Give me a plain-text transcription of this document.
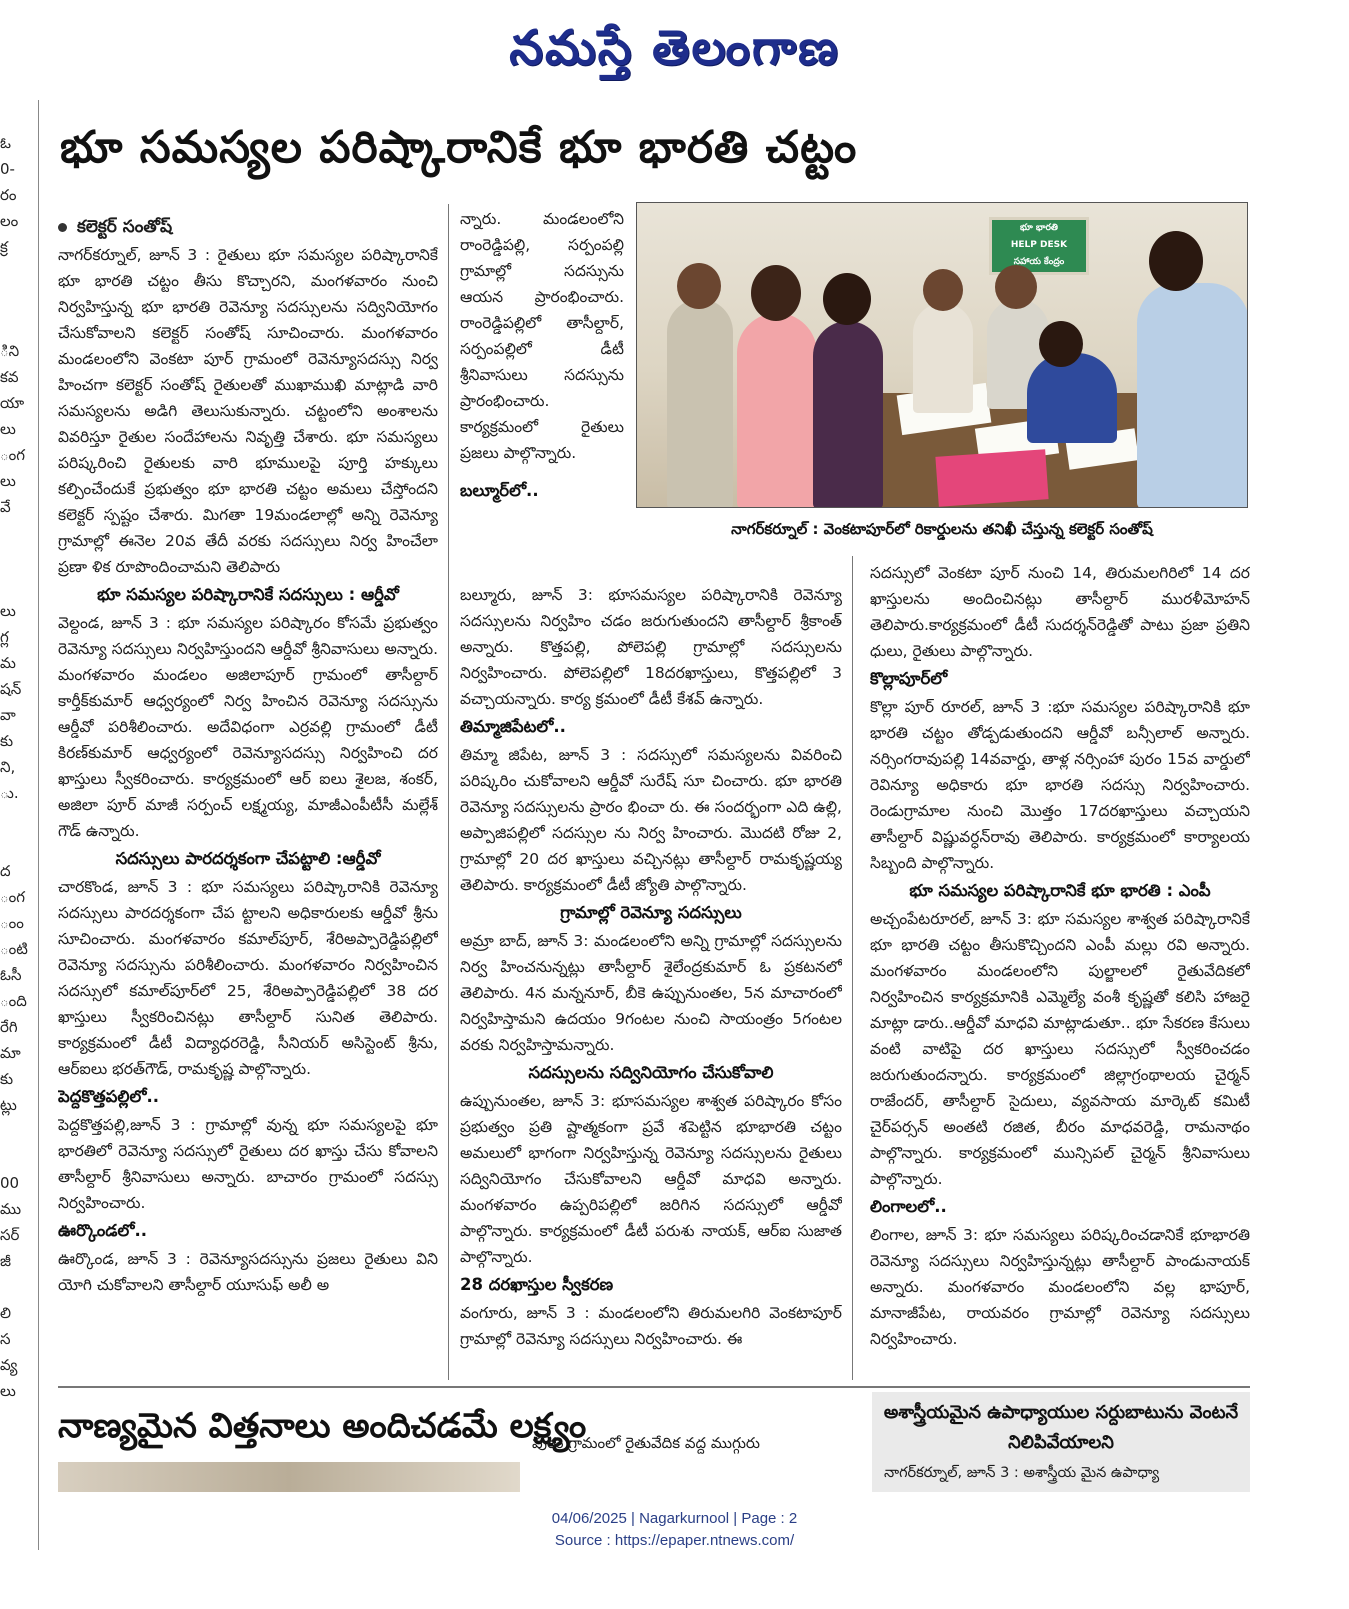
నమస్తే తెలంగాణ
ఓ
0-
రం
లం
క్ర
ిని
కవ
యా
లు
ంగ
లు
వే
లు
గ్ల
మ
షన్
వా
కు
ని,
ు.
ద
ంగ
ంం
ంటి
ఓసీ
ంది
రేగి
మా
కు
ట్లు
00
ము
సర్
జీ
లి
స
వ్య
లు
భూ సమస్యల పరిష్కారానికే భూ భారతి చట్టం
కలెక్టర్ సంతోష్

నాగర్‌కర్నూల్, జూన్ 3 : రైతులు భూ సమస్యల పరిష్కారానికే భూ భారతి చట్టం తీసు కొచ్చారని, మంగళవారం నుంచి నిర్వహిస్తున్న భూ భారతి రెవెన్యూ సదస్సులను సద్వినియోగం చేసుకోవాలని కలెక్టర్ సంతోష్ సూచించారు. మంగళవారం మండలంలోని వెంకటా పూర్ గ్రామంలో రెవెన్యూసదస్సు నిర్వ హించగా కలెక్టర్ సంతోష్ రైతులతో ముఖాముఖి మాట్లాడి వారి సమస్యలను అడిగి తెలుసుకున్నారు. చట్టంలోని అంశాలను వివరిస్తూ రైతుల సందేహాలను నివృత్తి చేశారు. భూ సమస్యలు పరిష్కరించి రైతులకు వారి భూములపై పూర్తి హక్కులు కల్పించేందుకే ప్రభుత్వం భూ భారతి చట్టం అమలు చేస్తోందని కలెక్టర్ స్పష్టం చేశారు. మిగతా 19మండలాల్లో అన్ని రెవెన్యూ గ్రామాల్లో ఈనెల 20వ తేదీ వరకు సదస్సులు నిర్వ హించేలా ప్రణా ళిక రూపొందించామని తెలిపారు

భూ సమస్యల పరిష్కారానికే సదస్సులు : ఆర్డీవో

వెల్దండ, జూన్ 3 : భూ సమస్యల పరిష్కారం కోసమే ప్రభుత్వం రెవెన్యూ సదస్సులు నిర్వహిస్తుందని ఆర్డీవో శ్రీనివాసులు అన్నారు. మంగళవారం మండలం అజిలాపూర్ గ్రామంలో తాసీల్దార్ కార్తీక్‌కుమార్ ఆధ్వర్యంలో నిర్వ హించిన రెవెన్యూ సదస్సును ఆర్డీవో పరిశీలించారు. అదేవిధంగా ఎర్రవల్లి గ్రామంలో డీటీ కిరణ్‌కుమార్ ఆధ్వర్యంలో రెవెన్యూసదస్సు నిర్వహించి దర ఖాస్తులు స్వీకరించారు. కార్యక్రమంలో ఆర్ ఐలు శైలజ, శంకర్, అజిలా పూర్ మాజీ సర్పంచ్ లక్ష్మయ్య, మాజీఎంపీటీసీ మల్లేశ్ గౌడ్ ఉన్నారు.

సదస్సులు పారదర్శకంగా చేపట్టాలి :ఆర్డీవో

చారకొండ, జూన్ 3 : భూ సమస్యలు పరిష్కారానికి రెవెన్యూ సదస్సులు పారదర్శకంగా చేప ట్టాలని అధికారులకు ఆర్డీవో శ్రీను సూచించారు. మంగళవారం కమాల్‌పూర్, శేరిఅప్పారెడ్డిపల్లిలో రెవెన్యూ సదస్సును పరిశీలించారు. మంగళవారం నిర్వహించిన సదస్సులో కమాల్‌పూర్‌లో 25, శేరిఅప్పారెడ్డిపల్లిలో 38 దర ఖాస్తులు స్వీకరించినట్లు తాసీల్దార్ సునిత తెలిపారు. కార్యక్రమంలో డీటీ విద్యాధరరెడ్డి, సీనియర్ అసిస్టెంట్ శ్రీను, ఆర్‌ఐలు భరత్‌గౌడ్, రామకృష్ణ పాల్గొన్నారు.

పెద్దకొత్తపల్లిలో..

పెద్దకొత్తపల్లి,జూన్ 3 : గ్రామాల్లో వున్న భూ సమస్యలపై భూ భారతిలో రెవెన్యూ సదస్సులో రైతులు దర ఖాస్తు చేసు కోవాలని తాసీల్దార్ శ్రీనివాసులు అన్నారు. బాచారం గ్రామంలో సదస్సు నిర్వహించారు.

ఊర్కొండలో..

ఊర్కొండ, జూన్ 3 : రెవెన్యూసదస్సును ప్రజలు రైతులు విని యోగి చుకోవాలని తాసీల్దార్ యూసుఫ్ అలీ అ

న్నారు. మండలంలోని రాంరెడ్డిపల్లి, సర్పంపల్లి గ్రామాల్లో సదస్సును ఆయన ప్రారంభించారు. రాంరెడ్డిపల్లిలో తాసీల్దార్, సర్పంపల్లిలో డీటీ శ్రీనివాసులు సదస్సును ప్రారంభించారు. కార్యక్రమంలో రైతులు ప్రజలు పాల్గొన్నారు.

బల్మూర్‌లో..

బల్మూరు, జూన్ 3: భూసమస్యల పరిష్కారానికి రెవెన్యూ సదస్సులను నిర్వహిం చడం జరుగుతుందని తాసీల్దార్ శ్రీకాంత్ అన్నారు. కొత్తపల్లి, పోలెపల్లి గ్రామాల్లో సదస్సులను నిర్వహించారు. పోలెపల్లిలో 18దరఖాస్తులు, కొత్తపల్లిలో 3 వచ్చాయన్నారు. కార్య క్రమంలో డీటీ కేశవ్ ఉన్నారు.

తిమ్మాజిపేటలో..

తిమ్మా జిపేట, జూన్ 3 : సదస్సులో సమస్యలను వివరించి పరిష్కరిం చుకోవాలని ఆర్డీవో సురేష్ సూ చించారు. భూ భారతి రెవెన్యూ సదస్సులను ప్రారం భించా రు. ఈ సందర్భంగా ఎది ఉల్లి, అప్పాజిపల్లిలో సదస్సుల ను నిర్వ హించారు. మొదటి రోజు 2, గ్రామాల్లో 20 దర ఖాస్తులు వచ్చినట్లు తాసీల్దార్ రామకృష్ణయ్య తెలిపారు. కార్యక్రమంలో డీటీ జ్యోతి పాల్గొన్నారు.

గ్రామాల్లో రెవెన్యూ సదస్సులు

అమ్రా బాద్, జూన్ 3: మండలంలోని అన్ని గ్రామాల్లో సదస్సులను నిర్వ హించనున్నట్లు తాసీల్దార్ శైలేంద్రకుమార్ ఓ ప్రకటనలో తెలిపారు. 4న మన్ననూర్, బీకె ఉప్పునుంతల, 5న మాచారంలో నిర్వహిస్తామని ఉదయం 9గంటల నుంచి సాయంత్రం 5గంటల వరకు నిర్వహిస్తామన్నారు.

సదస్సులను సద్వినియోగం చేసుకోవాలి

ఉప్పునుంతల, జూన్ 3: భూసమస్యల శాశ్వత పరిష్కారం కోసం ప్రభుత్వం ప్రతి ష్టాత్మకంగా ప్రవే శపెట్టిన భూభారతి చట్టం అమలులో భాగంగా నిర్వహిస్తున్న రెవెన్యూ సదస్సులను రైతులు సద్వినియోగం చేసుకోవాలని ఆర్డీవో మాధవి అన్నారు. మంగళవారం ఉప్పరిపల్లిలో జరిగిన సదస్సులో ఆర్డీవో పాల్గొన్నారు. కార్యక్రమంలో డీటీ పరుశు నాయక్, ఆర్ఐ సుజాత పాల్గొన్నారు.

28 దరఖాస్తుల స్వీకరణ

వంగూరు, జూన్ 3 : మండలంలోని తిరుమలగిరి వెంకటాపూర్ గ్రామాల్లో రెవెన్యూ సదస్సులు నిర్వహించారు. ఈ

భూ భారతి
HELP DESK
సహాయ కేంద్రం
నాగర్‌కర్నూల్ : వెంకటాపూర్‌లో రికార్డులను తనిఖీ చేస్తున్న కలెక్టర్ సంతోష్

సదస్సులో వెంకటా పూర్ నుంచి 14, తిరుమలగిరిలో 14 దర ఖాస్తులను అందించినట్లు తాసీల్దార్ మురళీమోహన్ తెలిపారు.కార్యక్రమంలో డీటీ సుదర్శన్‌రెడ్డితో పాటు ప్రజా ప్రతిని ధులు, రైతులు పాల్గొన్నారు.

కొల్లాపూర్‌లో

కొల్లా పూర్ రూరల్, జూన్ 3 :భూ సమస్యల పరిష్కారానికి భూ భారతి చట్టం తోడ్పడుతుందని ఆర్డీవో బన్సీలాల్ అన్నారు. నర్సింగరావుపల్లి 14వవార్డు, తాళ్ల నర్సింహా పురం 15వ వార్డులో రెవిన్యూ అధికారు భూ భారతి సదస్సు నిర్వహించారు. రెండుగ్రామాల నుంచి మొత్తం 17దరఖాస్తులు వచ్చాయని తాసీల్దార్ విష్ణువర్ధన్‌రావు తెలిపారు. కార్యక్రమంలో కార్యాలయ సిబ్బంది పాల్గొన్నారు.

భూ సమస్యల పరిష్కారానికే భూ భారతి : ఎంపీ

అచ్చంపేటరూరల్, జూన్ 3: భూ సమస్యల శాశ్వత పరిష్కారానికే భూ భారతి చట్టం తీసుకొచ్చిందని ఎంపీ మల్లు రవి అన్నారు. మంగళవారం మండలంలోని పుల్జాలలో రైతువేదికలో నిర్వహించిన కార్యక్రమానికి ఎమ్మెల్యే వంశీ కృష్ణతో కలిసి హాజరై మాట్లా డారు..ఆర్డీవో మాధవి మాట్లాడుతూ.. భూ సేకరణ కేసులు వంటి వాటిపై దర ఖాస్తులు సదస్సులో స్వీకరించడం జరుగుతుందన్నారు. కార్యక్రమంలో జిల్లాగ్రంథాలయ చైర్మన్ రాజేందర్, తాసీల్దార్ సైదులు, వ్యవసాయ మార్కెట్ కమిటీ చైర్‌పర్సన్ అంతటి రజిత, బీరం మాధవరెడ్డి, రామనాథం పాల్గొన్నారు. కార్యక్రమంలో మున్సిపల్ చైర్మన్ శ్రీనివాసులు పాల్గొన్నారు.

లింగాలలో..

లింగాల, జూన్ 3: భూ సమస్యలు పరిష్కరించడానికే భూభారతి రెవెన్యూ సదస్సులు నిర్వహిస్తున్నట్లు తాసీల్దార్ పాండునాయక్ అన్నారు. మంగళవారం మండలంలోని వల్ల భాపూర్, మానాజీపేట, రాయవరం గ్రామాల్లో రెవెన్యూ సదస్సులు నిర్వహించారు.

నాణ్యమైన విత్తనాలు అందిచడమే లక్ష్యం

పురం గ్రామంలో రైతువేదిక వద్ద ముగ్గురు

అశాస్త్రీయమైన ఉపాధ్యాయుల సర్దుబాటును వెంటనే నిలిపివేయాలని
నాగర్‌కర్నూల్, జూన్ 3 : అశాస్త్రీయ మైన ఉపాధ్యా
04/06/2025 | Nagarkurnool | Page : 2
Source : https://epaper.ntnews.com/
